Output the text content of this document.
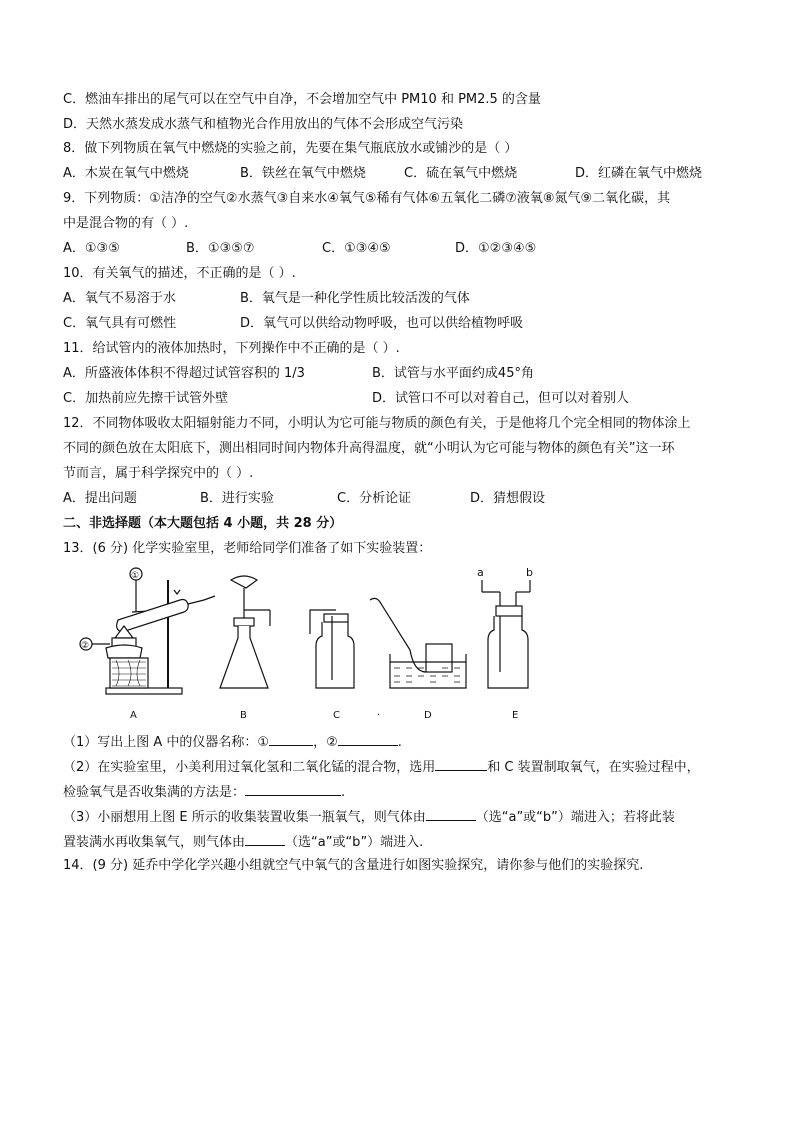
C．燃油车排出的尾气可以在空气中自净，不会增加空气中 PM10 和 PM2.5 的含量
D．天然水蒸发成水蒸气和植物光合作用放出的气体不会形成空气污染
8．做下列物质在氧气中燃烧的实验之前，先要在集气瓶底放水或铺沙的是（ ）
A．木炭在氧气中燃烧	B．铁丝在氧气中燃烧	C．硫在氧气中燃烧	D．红磷在氧气中燃烧
9．下列物质：①洁净的空气②水蒸气③自来水④氧气⑤稀有气体⑥五氧化二磷⑦液氧⑧氮气⑨二氧化碳，其
中是混合物的有（ ）.
A．①③⑤	B．①③⑤⑦	C．①③④⑤	D．①②③④⑤
10．有关氧气的描述，不正确的是（ ）.
A．氧气不易溶于水	B．氧气是一种化学性质比较活泼的气体
C．氧气具有可燃性	D．氧气可以供给动物呼吸，也可以供给植物呼吸
11．给试管内的液体加热时，下列操作中不正确的是（ ）.
A．所盛液体体积不得超过试管容积的 1/3	B．试管与水平面约成45°角
C．加热前应先擦干试管外壁	D．试管口不可以对着自己，但可以对着别人
12．不同物体吸收太阳辐射能力不同，小明认为它可能与物质的颜色有关，于是他将几个完全相同的物体涂上
不同的颜色放在太阳底下，测出相同时间内物体升高得温度，就“小明认为它可能与物体的颜色有关”这一环
节而言，属于科学探究中的（ ）.
A．提出问题	B．进行实验	C．分析论证	D．猜想假设
二、非选择题（本大题包括 4 小题，共 28 分）
13．(6 分) 化学实验室里，老师给同学们准备了如下实验装置：
①
②
A	B	C	·	D
a	b
E
（1）写出上图 A 中的仪器名称：①	，②	.
（2）在实验室里，小美利用过氧化氢和二氧化锰的混合物，选用	和 C 装置制取氧气，在实验过程中，
检验氧气是否收集满的方法是：	.
（3）小丽想用上图 E 所示的收集装置收集一瓶氧气，则气体由	（选“a”或“b”）端进入；若将此装
置装满水再收集氧气，则气体由	（选“a”或“b”）端进入.
14．(9 分) 延乔中学化学兴趣小组就空气中氧气的含量进行如图实验探究，请你参与他们的实验探究.
